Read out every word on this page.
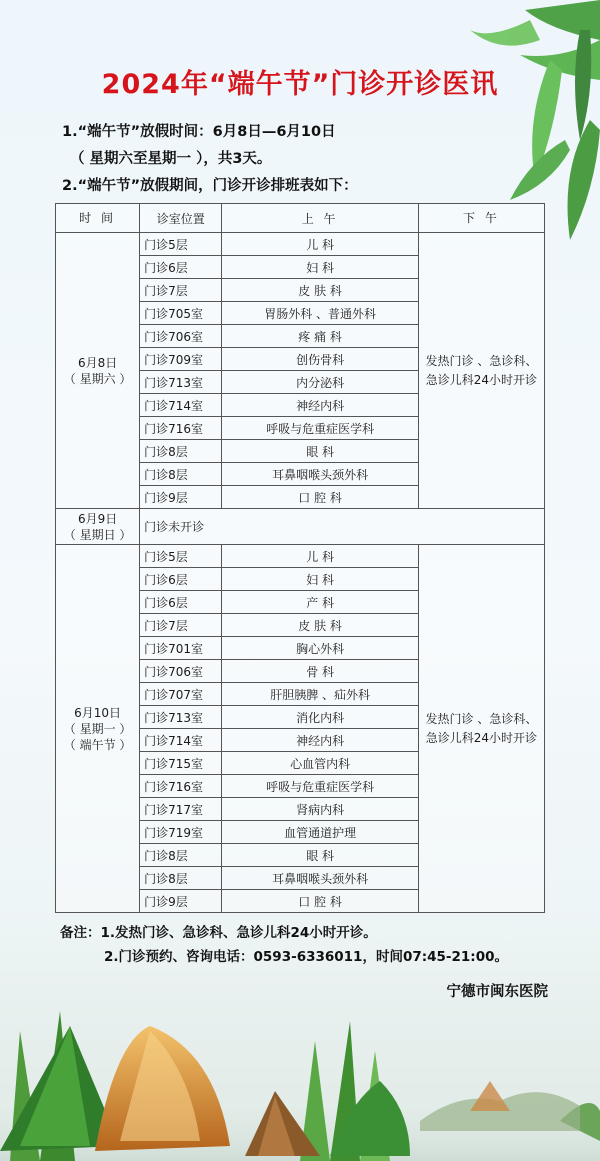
2024年“端午节”门诊开诊医讯
1.“端午节”放假时间：6月8日—6月10日
（ 星期六至星期一 ），共3天。
2.“端午节”放假期间，门诊开诊排班表如下：
时 间	诊室位置	上 午	下 午

6月8日
（ 星期六 ）	门诊5层	儿 科	发热门诊 、急诊科、急诊儿科24小时开诊
	门诊6层	妇 科	
	门诊7层	皮 肤 科	
	门诊705室	胃肠外科 、普通外科	
	门诊706室	疼 痛 科	
	门诊709室	创伤骨科	
	门诊713室	内分泌科	
	门诊714室	神经内科	
	门诊716室	呼吸与危重症医学科	
	门诊8层	眼 科	
	门诊8层	耳鼻咽喉头颈外科	
	门诊9层	口 腔 科	

6月9日
（ 星期日 ）	门诊未开诊		

6月10日
（ 星期一 ）
（ 端午节 ）	门诊5层	儿 科	发热门诊 、急诊科、急诊儿科24小时开诊
	门诊6层	妇 科	
	门诊6层	产 科	
	门诊7层	皮 肤 科	
	门诊701室	胸心外科	
	门诊706室	骨 科	
	门诊707室	肝胆胰脾 、疝外科	
	门诊713室	消化内科	
	门诊714室	神经内科	
	门诊715室	心血管内科	
	门诊716室	呼吸与危重症医学科	
	门诊717室	肾病内科	
	门诊719室	血管通道护理	
	门诊8层	眼 科	
	门诊8层	耳鼻咽喉头颈外科	
	门诊9层	口 腔 科	
备注：1.发热门诊、急诊科、急诊儿科24小时开诊。
2.门诊预约、咨询电话：0593-6336011，时间07:45-21:00。
宁德市闽东医院
